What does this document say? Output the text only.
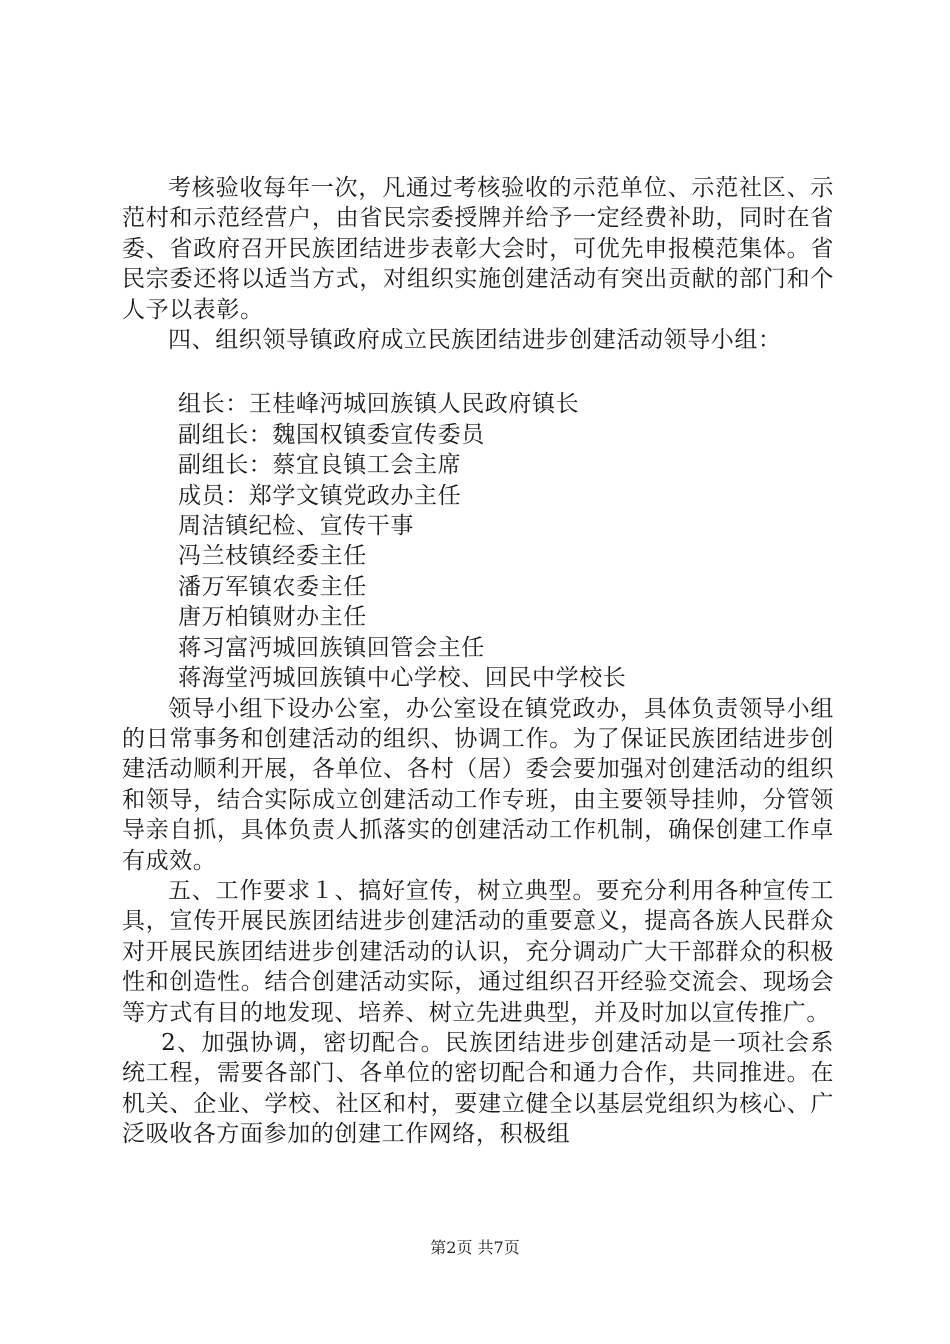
考核验收每年一次，凡通过考核验收的示范单位、示范社区、示范村和示范经营户，由省民宗委授牌并给予一定经费补助，同时在省委、省政府召开民族团结进步表彰大会时，可优先申报模范集体。省民宗委还将以适当方式，对组织实施创建活动有突出贡献的部门和个人予以表彰。

四、组织领导镇政府成立民族团结进步创建活动领导小组：

组长：王桂峰沔城回族镇人民政府镇长

副组长：魏国权镇委宣传委员

副组长：蔡宜良镇工会主席

成员：郑学文镇党政办主任

周洁镇纪检、宣传干事

冯兰枝镇经委主任

潘万军镇农委主任

唐万柏镇财办主任

蒋习富沔城回族镇回管会主任

蒋海堂沔城回族镇中心学校、回民中学校长

领导小组下设办公室，办公室设在镇党政办，具体负责领导小组的日常事务和创建活动的组织、协调工作。为了保证民族团结进步创建活动顺利开展，各单位、各村（居）委会要加强对创建活动的组织和领导，结合实际成立创建活动工作专班，由主要领导挂帅，分管领导亲自抓，具体负责人抓落实的创建活动工作机制，确保创建工作卓有成效。

五、工作要求１、搞好宣传，树立典型。要充分利用各种宣传工具，宣传开展民族团结进步创建活动的重要意义，提高各族人民群众对开展民族团结进步创建活动的认识，充分调动广大干部群众的积极性和创造性。结合创建活动实际，通过组织召开经验交流会、现场会等方式有目的地发现、培养、树立先进典型，并及时加以宣传推广。

2、加强协调，密切配合。民族团结进步创建活动是一项社会系统工程，需要各部门、各单位的密切配合和通力合作，共同推进。在机关、企业、学校、社区和村，要建立健全以基层党组织为核心、广泛吸收各方面参加的创建工作网络，积极组

第2页 共7页
